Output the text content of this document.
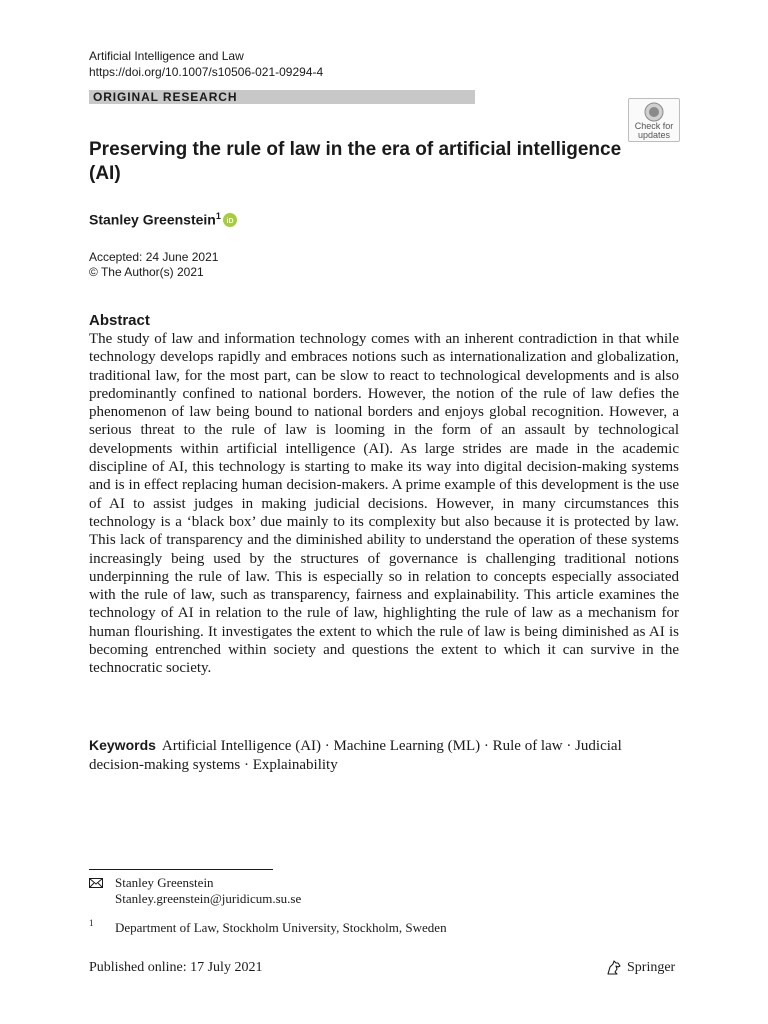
Artificial Intelligence and Law
https://doi.org/10.1007/s10506-021-09294-4
ORIGINAL RESEARCH
Check for updates
Preserving the rule of law in the era of artificial intelligence (AI)
Stanley Greenstein$^1$
iD
Accepted: 24 June 2021
© The Author(s) 2021
Abstract

The study of law and information technology comes with an inherent contradiction in that while technology develops rapidly and embraces notions such as internationalization and globalization, traditional law, for the most part, can be slow to react to technological developments and is also predominantly confined to national borders. However, the notion of the rule of law defies the phenomenon of law being bound to national borders and enjoys global recognition. However, a serious threat to the rule of law is looming in the form of an assault by technological developments within artificial intelligence (AI). As large strides are made in the academic discipline of AI, this technology is starting to make its way into digital decision-making systems and is in effect replacing human decision-makers. A prime example of this development is the use of AI to assist judges in making judicial decisions. However, in many circumstances this technology is a ‘black box’ due mainly to its complexity but also because it is protected by law. This lack of transparency and the diminished ability to understand the operation of these systems increasingly being used by the structures of governance is challenging traditional notions underpinning the rule of law. This is especially so in relation to concepts especially associated with the rule of law, such as transparency, fairness and explainability. This article examines the technology of AI in relation to the rule of law, highlighting the rule of law as a mechanism for human flourishing. It investigates the extent to which the rule of law is being diminished as AI is becoming entrenched within society and questions the extent to which it can survive in the technocratic society.

Keywords Artificial Intelligence (AI) · Machine Learning (ML) · Rule of law · Judicial decision-making systems · Explainability
Stanley Greenstein
Stanley.greenstein@juridicum.su.se
1 Department of Law, Stockholm University, Stockholm, Sweden
Published online: 17 July 2021	Springer
